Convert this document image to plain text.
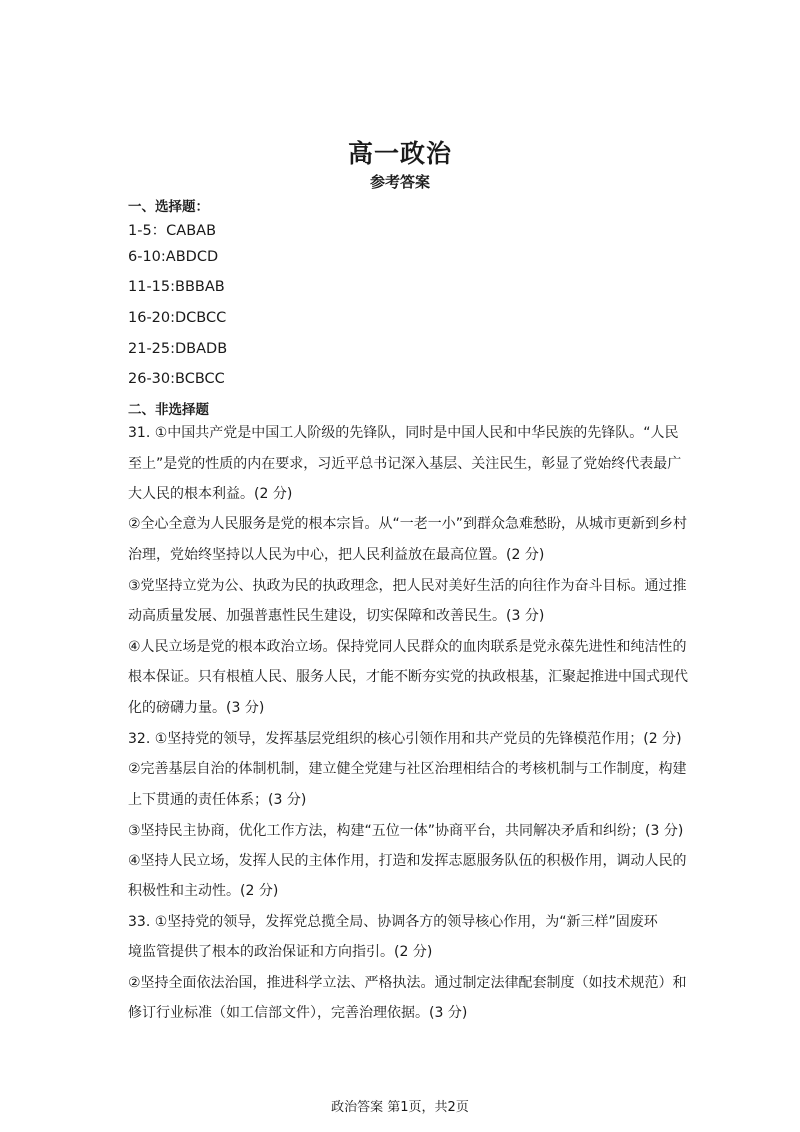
高一政治
参考答案
一、选择题：
1-5：CABAB
6-10:ABDCD
11-15:BBBAB
16-20:DCBCC
21-25:DBADB
26-30:BCBCC
二、非选择题
31. ①中国共产党是中国工人阶级的先锋队，同时是中国人民和中华民族的先锋队。“人民
至上”是党的性质的内在要求，习近平总书记深入基层、关注民生，彰显了党始终代表最广
大人民的根本利益。(2 分)
②全心全意为人民服务是党的根本宗旨。从“一老一小”到群众急难愁盼，从城市更新到乡村
治理，党始终坚持以人民为中心，把人民利益放在最高位置。(2 分)
③党坚持立党为公、执政为民的执政理念，把人民对美好生活的向往作为奋斗目标。通过推
动高质量发展、加强普惠性民生建设，切实保障和改善民生。(3 分)
④人民立场是党的根本政治立场。保持党同人民群众的血肉联系是党永葆先进性和纯洁性的
根本保证。只有根植人民、服务人民，才能不断夯实党的执政根基，汇聚起推进中国式现代
化的磅礴力量。(3 分)
32. ①坚持党的领导，发挥基层党组织的核心引领作用和共产党员的先锋模范作用；(2 分)
②完善基层自治的体制机制，建立健全党建与社区治理相结合的考核机制与工作制度，构建
上下贯通的责任体系；(3 分)
③坚持民主协商，优化工作方法，构建“五位一体”协商平台，共同解决矛盾和纠纷；(3 分)
④坚持人民立场，发挥人民的主体作用，打造和发挥志愿服务队伍的积极作用，调动人民的
积极性和主动性。(2 分)
33. ①坚持党的领导，发挥党总揽全局、协调各方的领导核心作用，为“新三样”固废环
境监管提供了根本的政治保证和方向指引。(2 分)
②坚持全面依法治国，推进科学立法、严格执法。通过制定法律配套制度（如技术规范）和
修订行业标准（如工信部文件），完善治理依据。(3 分)
政治答案 第1页，共2页
